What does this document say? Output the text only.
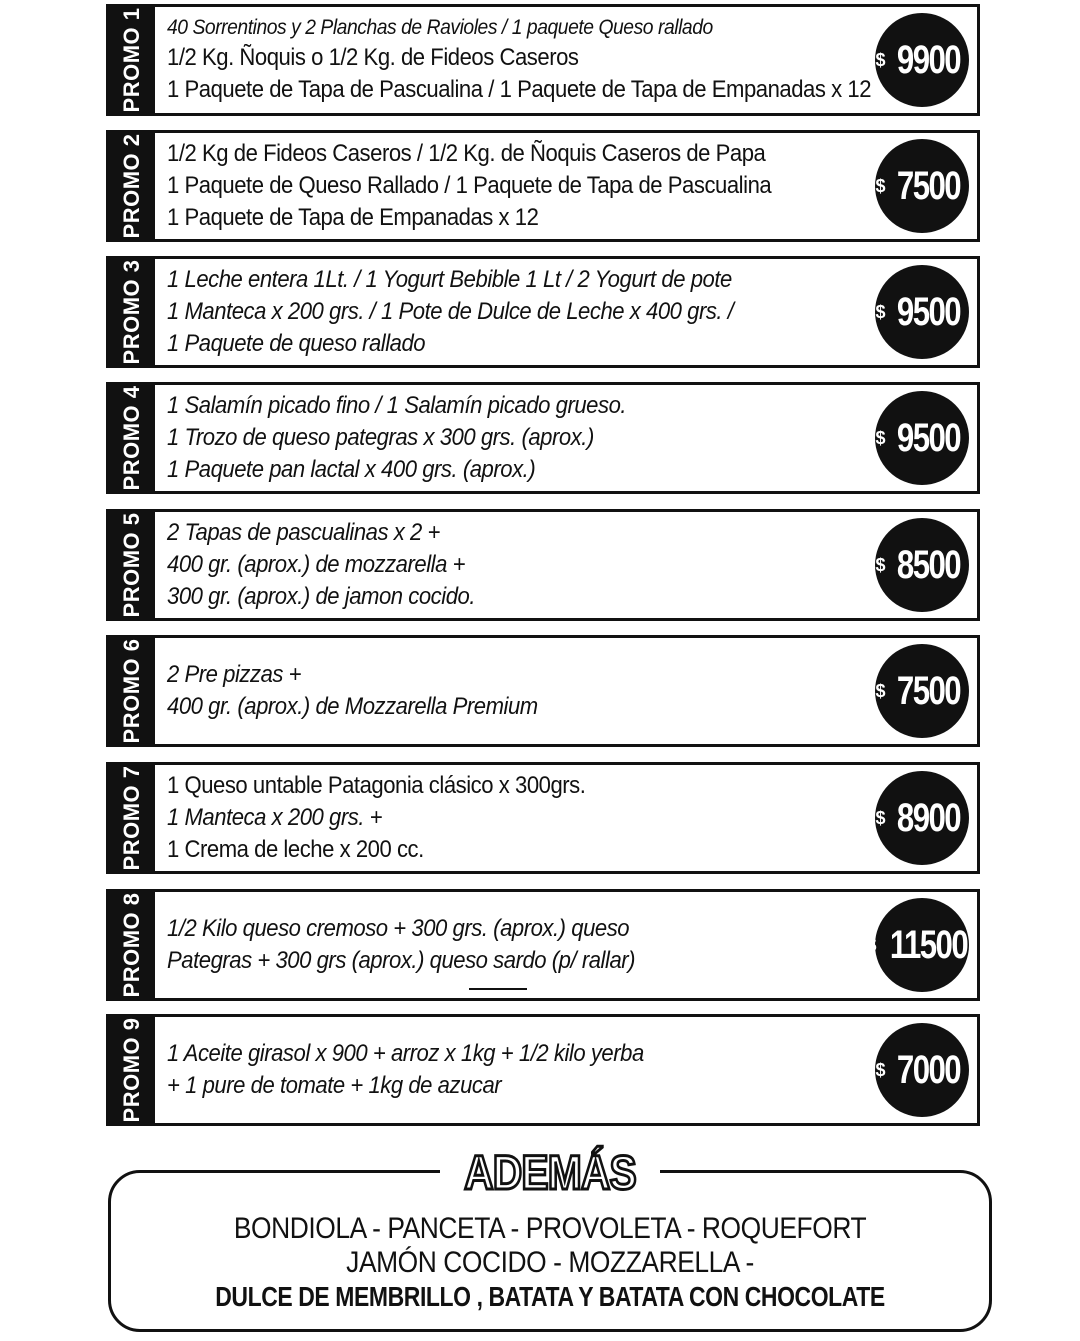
PROMO 1 40 Sorrentinos y 2 Planchas de Ravioles / 1 paquete Queso rallado
1/2 Kg. Ñoquis o 1/2 Kg. de Fideos Caseros
1 Paquete de Tapa de Pascualina / 1 Paquete de Tapa de Empanadas x 12
$ 9900
PROMO 2 1/2 Kg de Fideos Caseros / 1/2 Kg. de Ñoquis Caseros de Papa
1 Paquete de Queso Rallado / 1 Paquete de Tapa de Pascualina
1 Paquete de Tapa de Empanadas x 12
$ 7500
PROMO 3 1 Leche entera 1Lt. / 1 Yogurt Bebible 1 Lt / 2 Yogurt de pote
1 Manteca x 200 grs. / 1 Pote de Dulce de Leche x 400 grs. /
1 Paquete de queso rallado
$ 9500
PROMO 4 1 Salamín picado fino / 1 Salamín picado grueso.
1 Trozo de queso pategras x 300 grs. (aprox.)
1 Paquete pan lactal x 400 grs. (aprox.)
$ 9500
PROMO 5 2 Tapas de pascualinas x 2 +
400 gr. (aprox.) de mozzarella +
300 gr. (aprox.) de jamon cocido.
$ 8500
PROMO 6 2 Pre pizzas +
400 gr. (aprox.) de Mozzarella Premium
$ 7500
PROMO 7 1 Queso untable Patagonia clásico x 300grs.
1 Manteca x 200 grs. +
1 Crema de leche x 200 cc.
$ 8900
PROMO 8 1/2 Kilo queso cremoso + 300 grs. (aprox.) queso
Pategras + 300 grs (aprox.) queso sardo (p/ rallar)
$ 11500
PROMO 9 1 Aceite girasol x 900 + arroz x 1kg + 1/2 kilo yerba
+ 1 pure de tomate + 1kg de azucar
$ 7000
ADEMÁS
BONDIOLA - PANCETA - PROVOLETA - ROQUEFORT
JAMÓN COCIDO - MOZZARELLA -
DULCE DE MEMBRILLO , BATATA Y BATATA CON CHOCOLATE
